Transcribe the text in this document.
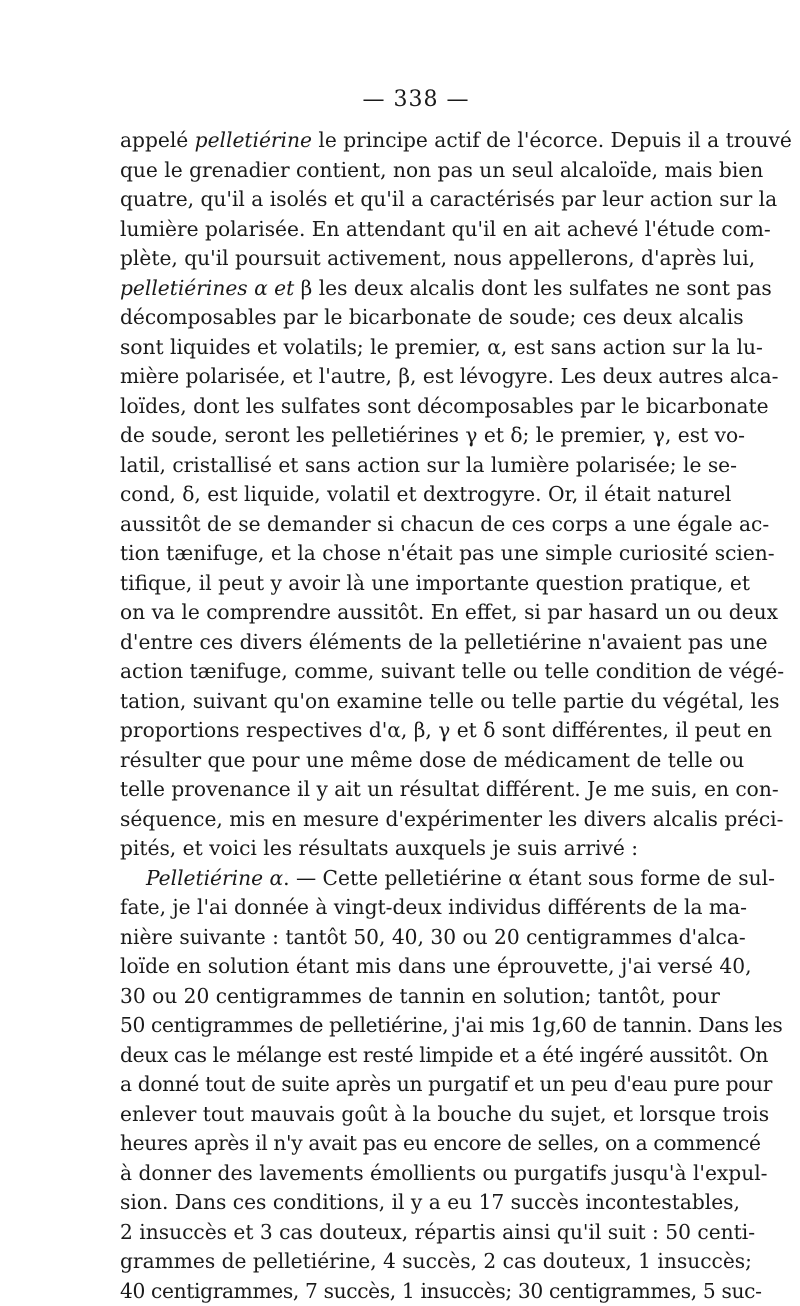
— 338 —
appelé pelletiérine le principe actif de l'écorce. Depuis il a trouvé
que le grenadier contient, non pas un seul alcaloïde, mais bien
quatre, qu'il a isolés et qu'il a caractérisés par leur action sur la
lumière polarisée. En attendant qu'il en ait achevé l'étude com-
plète, qu'il poursuit activement, nous appellerons, d'après lui,
pelletiérines α et β les deux alcalis dont les sulfates ne sont pas
décomposables par le bicarbonate de soude; ces deux alcalis
sont liquides et volatils; le premier, α, est sans action sur la lu-
mière polarisée, et l'autre, β, est lévogyre. Les deux autres alca-
loïdes, dont les sulfates sont décomposables par le bicarbonate
de soude, seront les pelletiérines γ et δ; le premier, γ, est vo-
latil, cristallisé et sans action sur la lumière polarisée; le se-
cond, δ, est liquide, volatil et dextrogyre. Or, il était naturel
aussitôt de se demander si chacun de ces corps a une égale ac-
tion tænifuge, et la chose n'était pas une simple curiosité scien-
tifique, il peut y avoir là une importante question pratique, et
on va le comprendre aussitôt. En effet, si par hasard un ou deux
d'entre ces divers éléments de la pelletiérine n'avaient pas une
action tænifuge, comme, suivant telle ou telle condition de végé-
tation, suivant qu'on examine telle ou telle partie du végétal, les
proportions respectives d'α, β, γ et δ sont différentes, il peut en
résulter que pour une même dose de médicament de telle ou
telle provenance il y ait un résultat différent. Je me suis, en con-
séquence, mis en mesure d'expérimenter les divers alcalis préci-
pités, et voici les résultats auxquels je suis arrivé :
Pelletiérine α. — Cette pelletiérine α étant sous forme de sul-
fate, je l'ai donnée à vingt-deux individus différents de la ma-
nière suivante : tantôt 50, 40, 30 ou 20 centigrammes d'alca-
loïde en solution étant mis dans une éprouvette, j'ai versé 40,
30 ou 20 centigrammes de tannin en solution; tantôt, pour
50 centigrammes de pelletiérine, j'ai mis 1g,60 de tannin. Dans les
deux cas le mélange est resté limpide et a été ingéré aussitôt. On
a donné tout de suite après un purgatif et un peu d'eau pure pour
enlever tout mauvais goût à la bouche du sujet, et lorsque trois
heures après il n'y avait pas eu encore de selles, on a commencé
à donner des lavements émollients ou purgatifs jusqu'à l'expul-
sion. Dans ces conditions, il y a eu 17 succès incontestables,
2 insuccès et 3 cas douteux, répartis ainsi qu'il suit : 50 centi-
grammes de pelletiérine, 4 succès, 2 cas douteux, 1 insuccès;
40 centigrammes, 7 succès, 1 insuccès; 30 centigrammes, 5 suc-
